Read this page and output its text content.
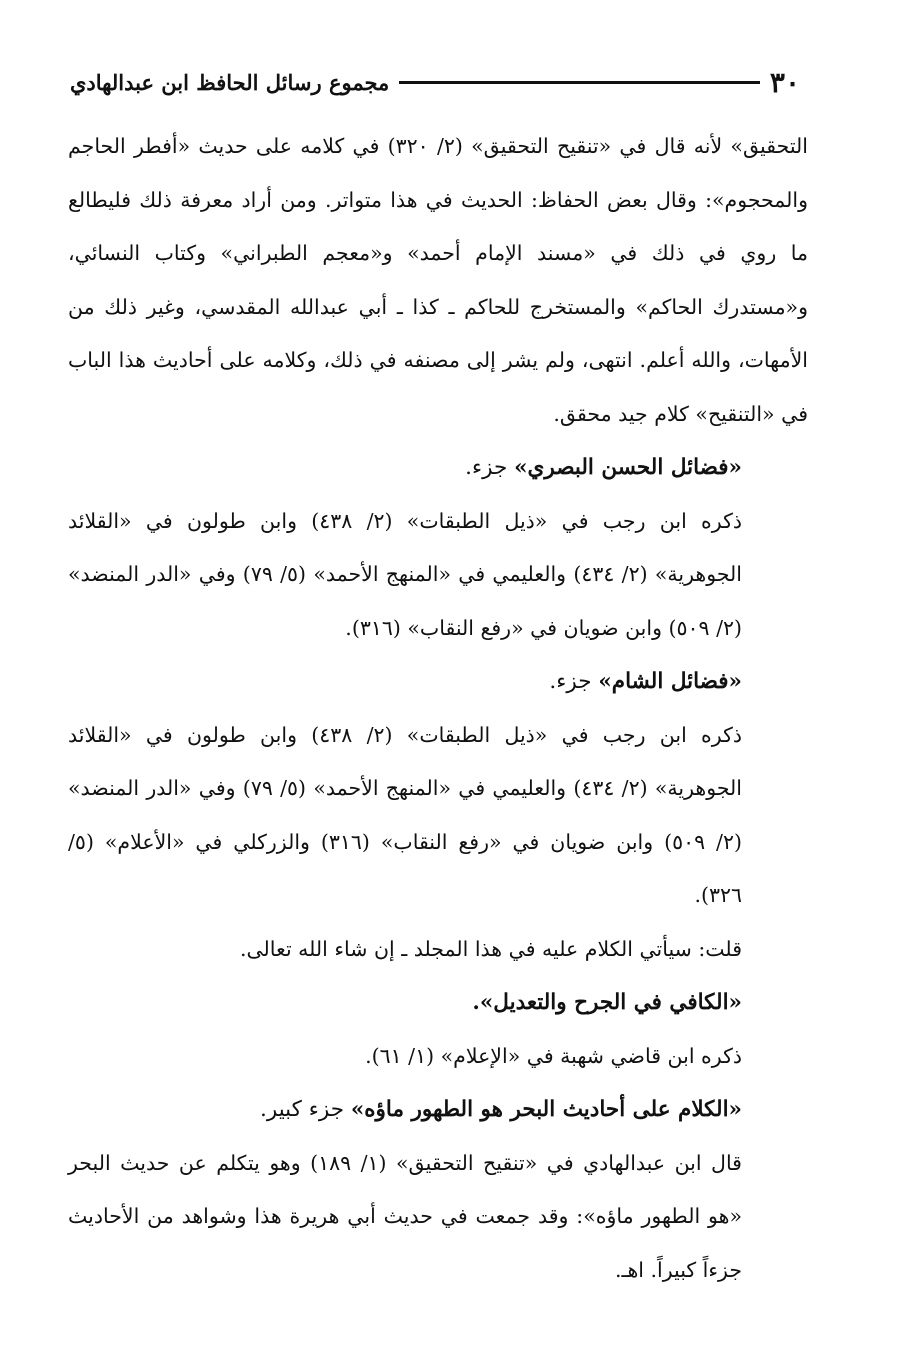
٣٠
مجموع رسائل الحافظ ابن عبدالهادي

التحقيق» لأنه قال في «تنقيح التحقيق» (٢/ ٣٢٠) في كلامه على حديث «أفطر الحاجم والمحجوم»: وقال بعض الحفاظ: الحديث في هذا متواتر. ومن أراد معرفة ذلك فليطالع ما روي في ذلك في «مسند الإمام أحمد» و«معجم الطبراني» وكتاب النسائي، و«مستدرك الحاكم» والمستخرج للحاكم ـ كذا ـ أبي عبدالله المقدسي، وغير ذلك من الأمهات، والله أعلم. انتهى، ولم يشر إلى مصنفه في ذلك، وكلامه على أحاديث هذا الباب في «التنقيح» كلام جيد محقق.

«فضائل الحسن البصري» جزء.

ذكره ابن رجب في «ذيل الطبقات» (٢/ ٤٣٨) وابن طولون في «القلائد الجوهرية» (٢/ ٤٣٤) والعليمي في «المنهج الأحمد» (٥/ ٧٩) وفي «الدر المنضد» (٢/ ٥٠٩) وابن ضويان في «رفع النقاب» (٣١٦).

«فضائل الشام» جزء.

ذكره ابن رجب في «ذيل الطبقات» (٢/ ٤٣٨) وابن طولون في «القلائد الجوهرية» (٢/ ٤٣٤) والعليمي في «المنهج الأحمد» (٥/ ٧٩) وفي «الدر المنضد» (٢/ ٥٠٩) وابن ضويان في «رفع النقاب» (٣١٦) والزركلي في «الأعلام» (٥/ ٣٢٦).

قلت: سيأتي الكلام عليه في هذا المجلد ـ إن شاء الله تعالى.

«الكافي في الجرح والتعديل».

ذكره ابن قاضي شهبة في «الإعلام» (١/ ٦١).

«الكلام على أحاديث البحر هو الطهور ماؤه» جزء كبير.

قال ابن عبدالهادي في «تنقيح التحقيق» (١/ ١٨٩) وهو يتكلم عن حديث البحر «هو الطهور ماؤه»: وقد جمعت في حديث أبي هريرة هذا وشواهد من الأحاديث جزءاً كبيراً. اهـ.
